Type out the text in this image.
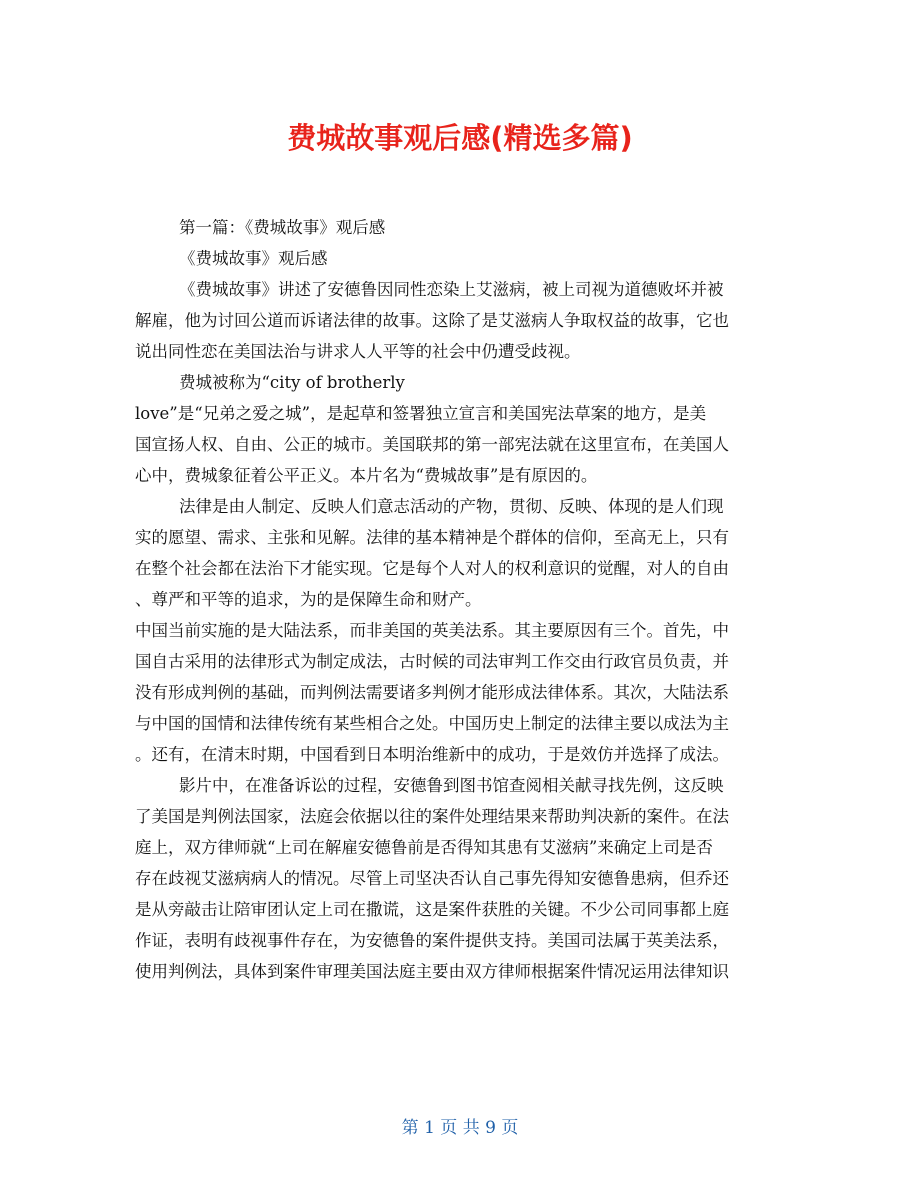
费城故事观后感(精选多篇)
第一篇：《费城故事》观后感
《费城故事》观后感
《费城故事》讲述了安德鲁因同性恋染上艾滋病，被上司视为道德败坏并被
解雇，他为讨回公道而诉诸法律的故事。这除了是艾滋病人争取权益的故事，它也
说出同性恋在美国法治与讲求人人平等的社会中仍遭受歧视。
费城被称为“city of brotherly
love”是“兄弟之爱之城”，是起草和签署独立宣言和美国宪法草案的地方，是美
国宣扬人权、自由、公正的城市。美国联邦的第一部宪法就在这里宣布，在美国人
心中，费城象征着公平正义。本片名为“费城故事”是有原因的。
法律是由人制定、反映人们意志活动的产物，贯彻、反映、体现的是人们现
实的愿望、需求、主张和见解。法律的基本精神是个群体的信仰，至高无上，只有
在整个社会都在法治下才能实现。它是每个人对人的权利意识的觉醒，对人的自由
、尊严和平等的追求，为的是保障生命和财产。
中国当前实施的是大陆法系，而非美国的英美法系。其主要原因有三个。首先，中
国自古采用的法律形式为制定成法，古时候的司法审判工作交由行政官员负责，并
没有形成判例的基础，而判例法需要诸多判例才能形成法律体系。其次，大陆法系
与中国的国情和法律传统有某些相合之处。中国历史上制定的法律主要以成法为主
。还有，在清末时期，中国看到日本明治维新中的成功，于是效仿并选择了成法。
影片中，在准备诉讼的过程，安德鲁到图书馆查阅相关献寻找先例，这反映
了美国是判例法国家，法庭会依据以往的案件处理结果来帮助判决新的案件。在法
庭上，双方律师就“上司在解雇安德鲁前是否得知其患有艾滋病”来确定上司是否
存在歧视艾滋病病人的情况。尽管上司坚决否认自己事先得知安德鲁患病，但乔还
是从旁敲击让陪审团认定上司在撒谎，这是案件获胜的关键。不少公司同事都上庭
作证，表明有歧视事件存在，为安德鲁的案件提供支持。美国司法属于英美法系，
使用判例法，具体到案件审理美国法庭主要由双方律师根据案件情况运用法律知识
第 1 页 共 9 页
